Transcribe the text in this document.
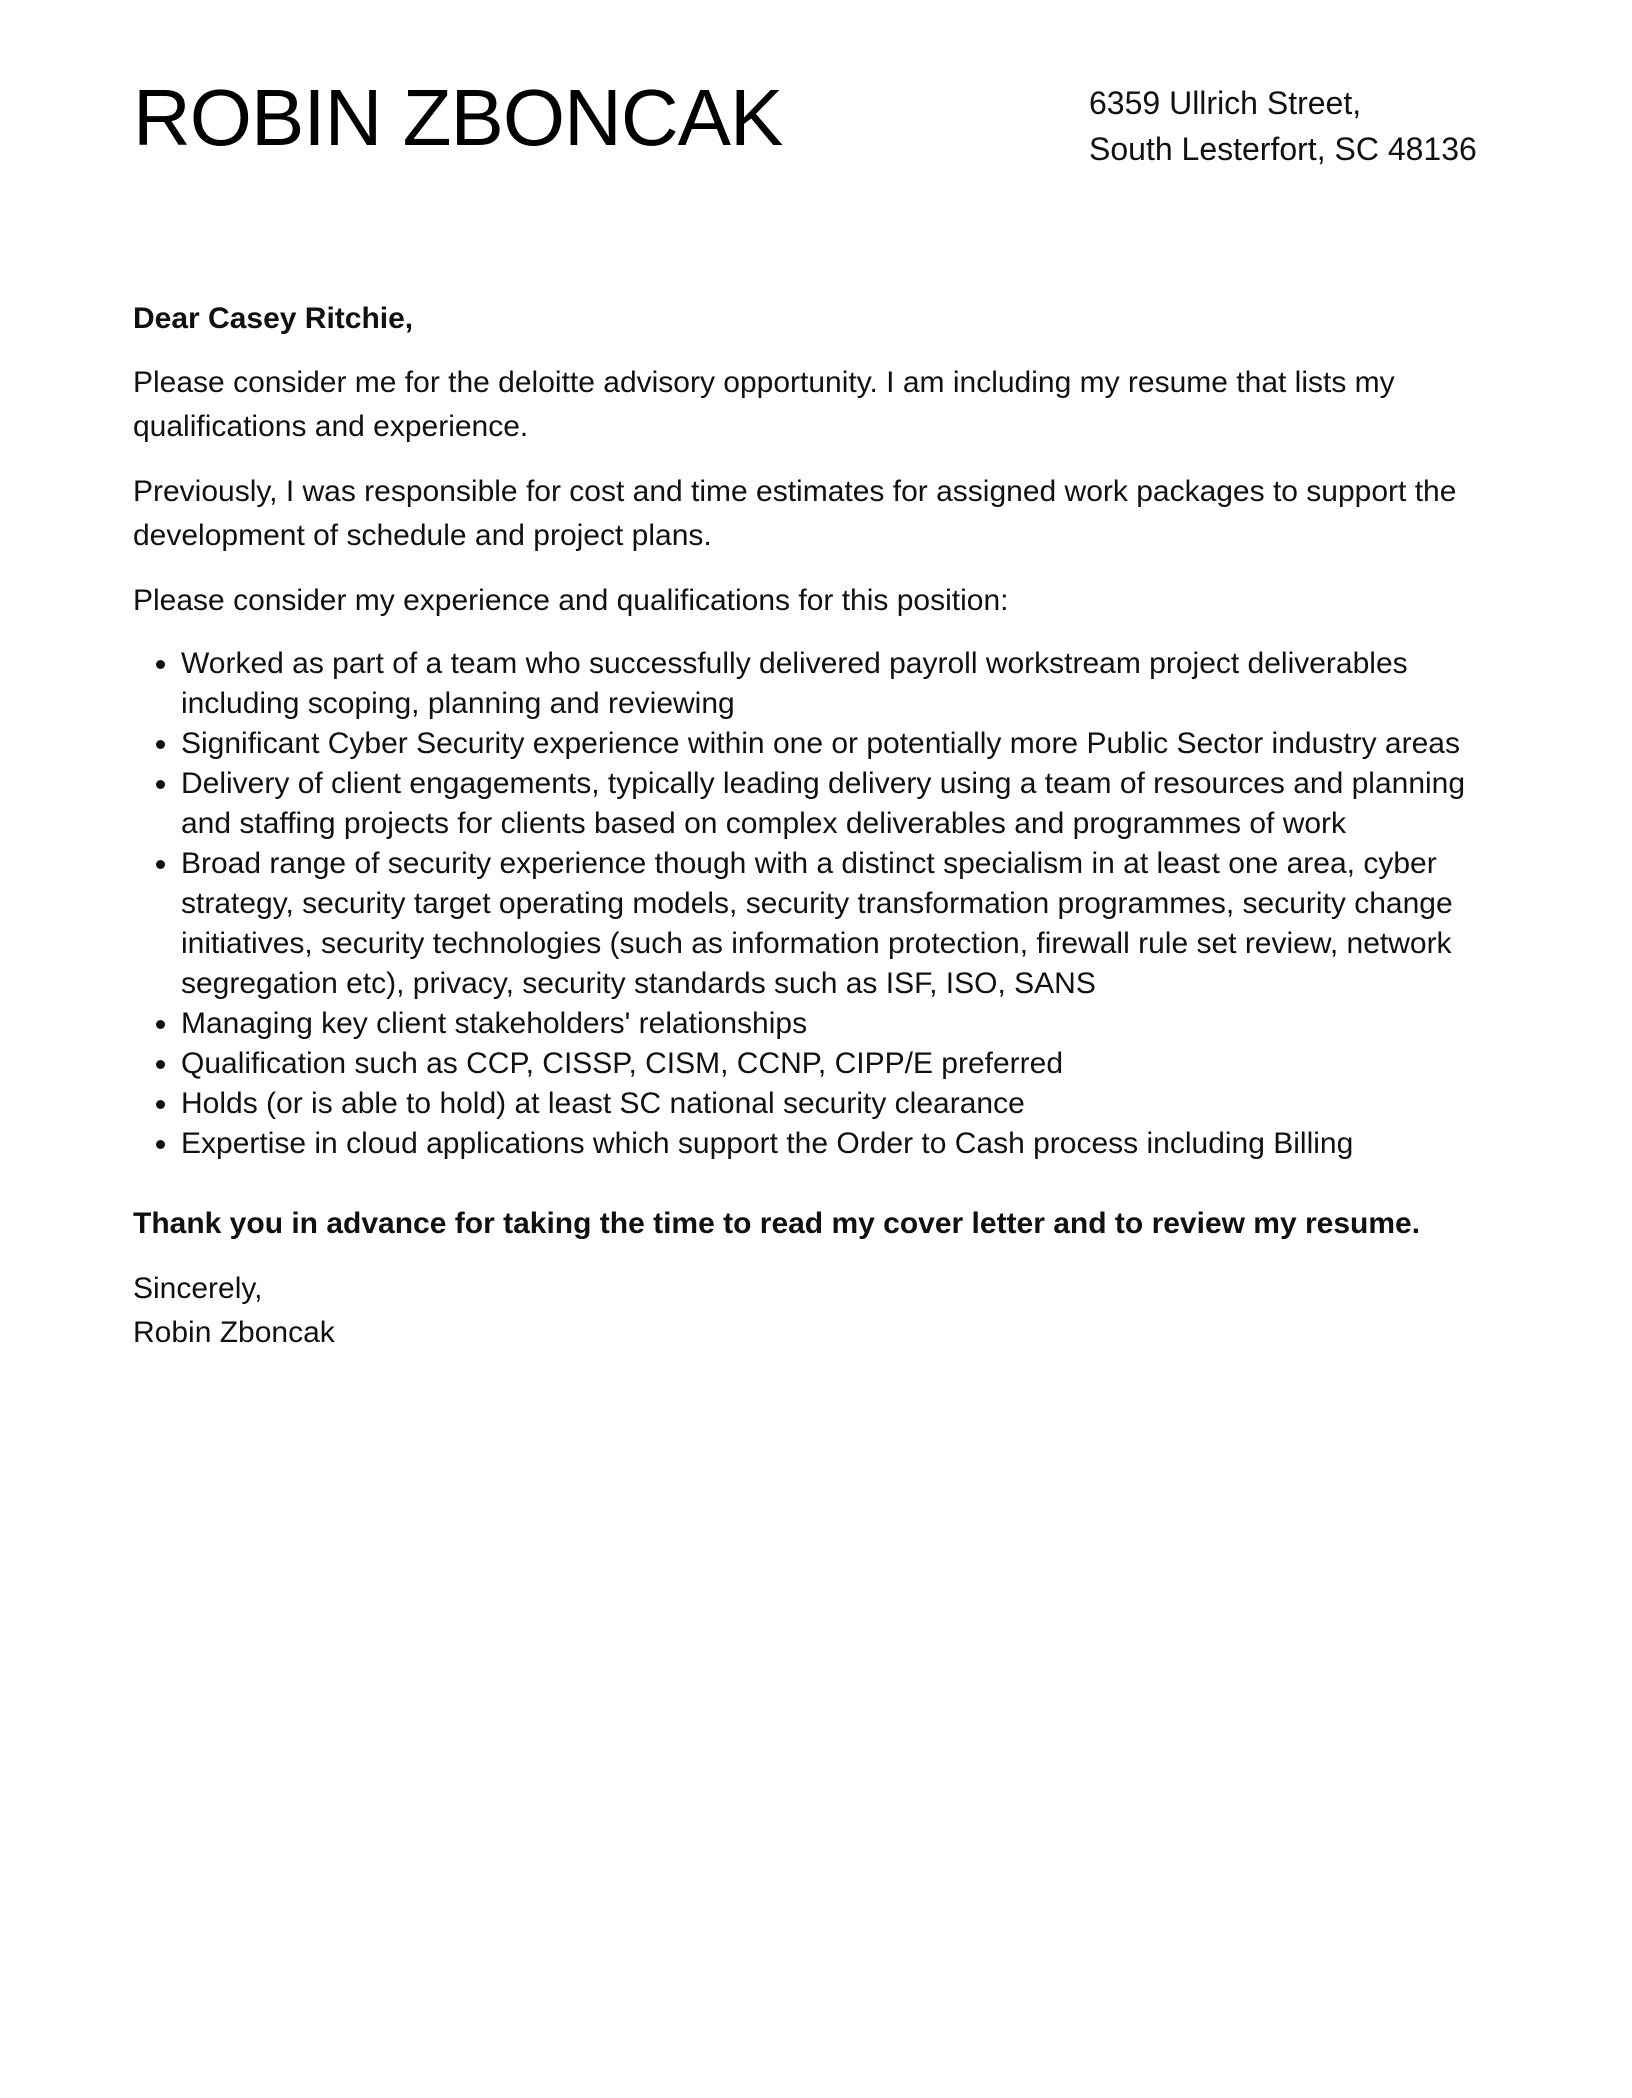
ROBIN ZBONCAK	6359 Ullrich Street,
South Lesterfort, SC 48136

Dear Casey Ritchie,

Please consider me for the deloitte advisory opportunity. I am including my resume that lists my qualifications and experience.

Previously, I was responsible for cost and time estimates for assigned work packages to support the development of schedule and project plans.

Please consider my experience and qualifications for this position:

Worked as part of a team who successfully delivered payroll workstream project deliverables including scoping, planning and reviewing
Significant Cyber Security experience within one or potentially more Public Sector industry areas
Delivery of client engagements, typically leading delivery using a team of resources and planning and staffing projects for clients based on complex deliverables and programmes of work
Broad range of security experience though with a distinct specialism in at least one area, cyber strategy, security target operating models, security transformation programmes, security change initiatives, security technologies (such as information protection, firewall rule set review, network segregation etc), privacy, security standards such as ISF, ISO, SANS
Managing key client stakeholders' relationships
Qualification such as CCP, CISSP, CISM, CCNP, CIPP/E preferred
Holds (or is able to hold) at least SC national security clearance
Expertise in cloud applications which support the Order to Cash process including Billing

Thank you in advance for taking the time to read my cover letter and to review my resume.

Sincerely,
Robin Zboncak
